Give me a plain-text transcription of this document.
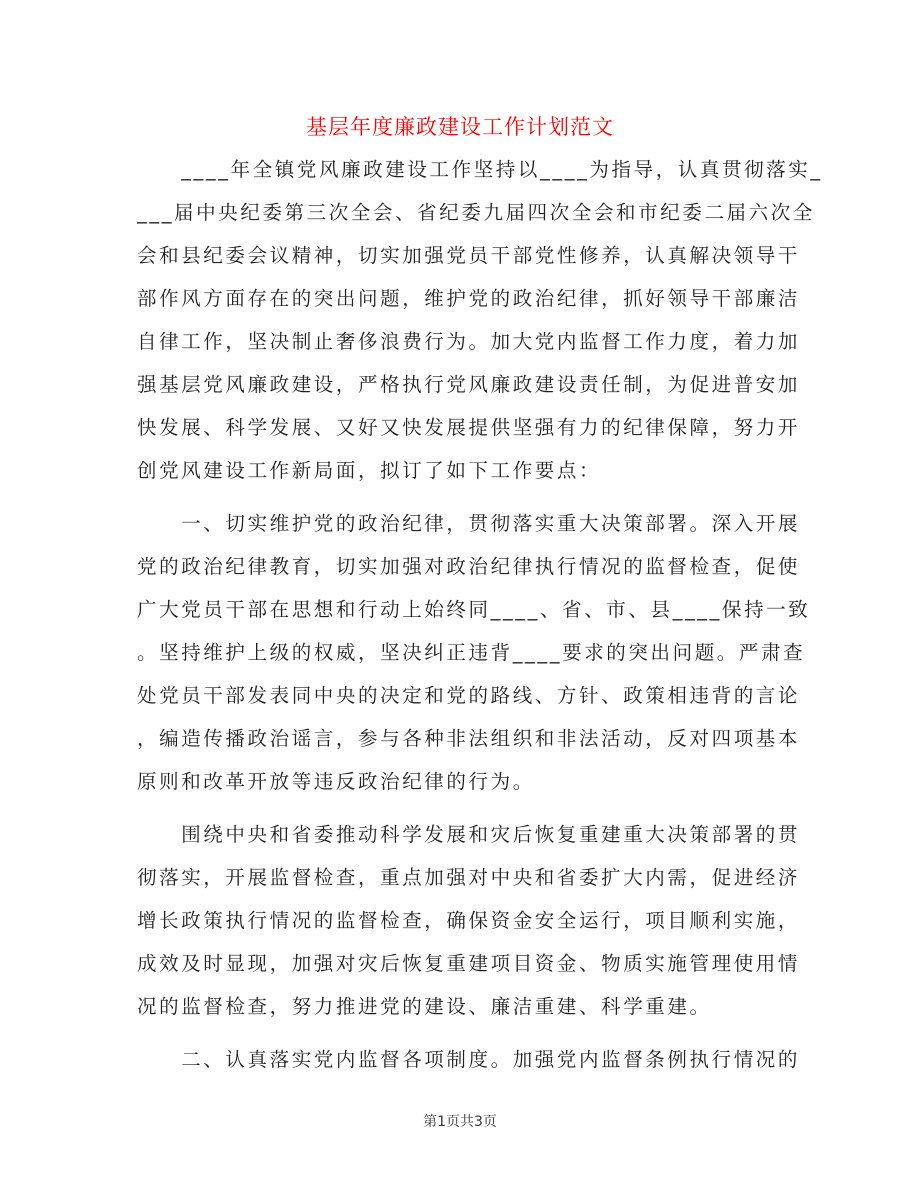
基层年度廉政建设工作计划范文
　　____年全镇党风廉政建设工作坚持以____为指导，认真贯彻落实_
___届中央纪委第三次全会、省纪委九届四次全会和市纪委二届六次全
会和县纪委会议精神，切实加强党员干部党性修养，认真解决领导干
部作风方面存在的突出问题，维护党的政治纪律，抓好领导干部廉洁
自律工作，坚决制止奢侈浪费行为。加大党内监督工作力度，着力加
强基层党风廉政建设，严格执行党风廉政建设责任制，为促进普安加
快发展、科学发展、又好又快发展提供坚强有力的纪律保障，努力开
创党风建设工作新局面，拟订了如下工作要点：
　　一、切实维护党的政治纪律，贯彻落实重大决策部署。深入开展
党的政治纪律教育，切实加强对政治纪律执行情况的监督检查，促使
广大党员干部在思想和行动上始终同____、省、市、县____保持一致
。坚持维护上级的权威，坚决纠正违背____要求的突出问题。严肃查
处党员干部发表同中央的决定和党的路线、方针、政策相违背的言论
，编造传播政治谣言，参与各种非法组织和非法活动，反对四项基本
原则和改革开放等违反政治纪律的行为。
　　围绕中央和省委推动科学发展和灾后恢复重建重大决策部署的贯
彻落实，开展监督检查，重点加强对中央和省委扩大内需，促进经济
增长政策执行情况的监督检查，确保资金安全运行，项目顺利实施，
成效及时显现，加强对灾后恢复重建项目资金、物质实施管理使用情
况的监督检查，努力推进党的建设、廉洁重建、科学重建。
　　二、认真落实党内监督各项制度。加强党内监督条例执行情况的
第1页共3页
